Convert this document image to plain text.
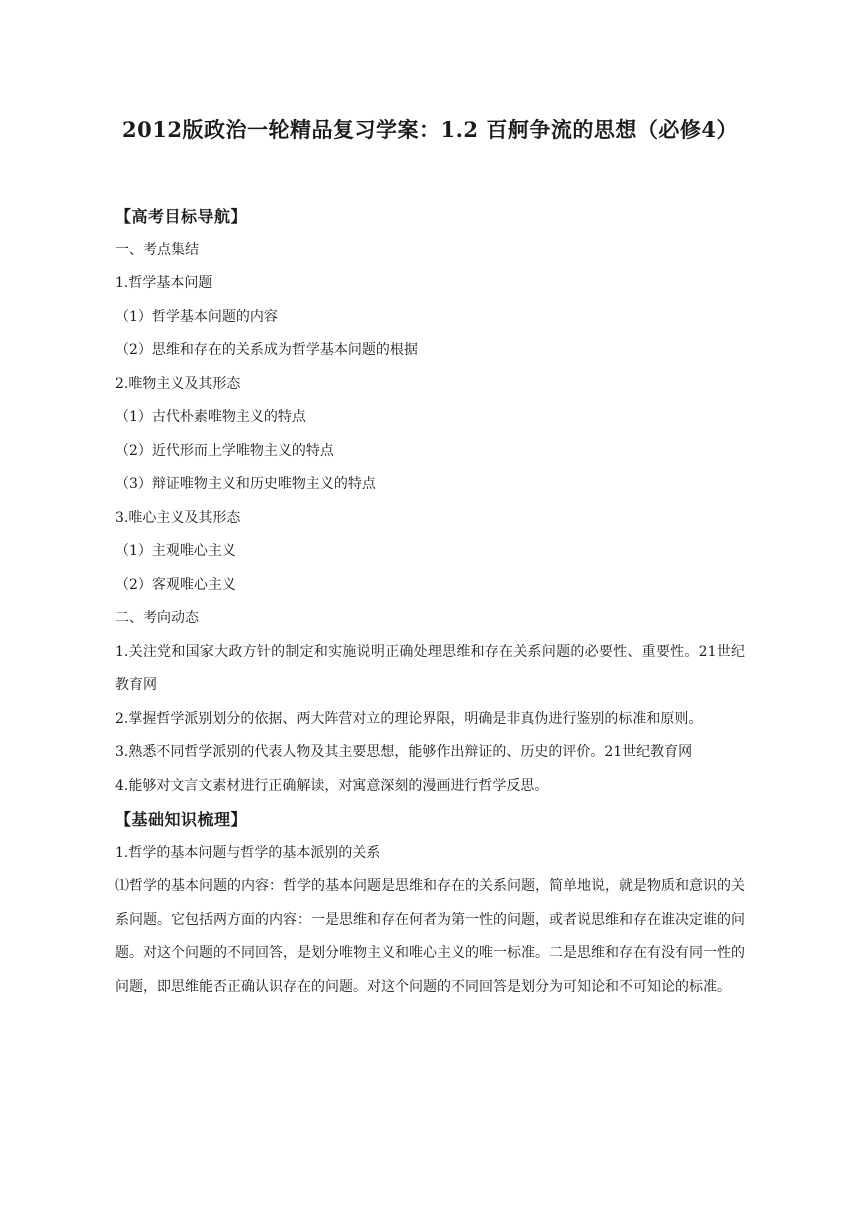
2012版政治一轮精品复习学案：1.2 百舸争流的思想（必修4）
【高考目标导航】
一、考点集结
1.哲学基本问题
（1）哲学基本问题的内容
（2）思维和存在的关系成为哲学基本问题的根据
2.唯物主义及其形态
（1）古代朴素唯物主义的特点
（2）近代形而上学唯物主义的特点
（3）辩证唯物主义和历史唯物主义的特点
3.唯心主义及其形态
（1）主观唯心主义
（2）客观唯心主义
二、考向动态
1.关注党和国家大政方针的制定和实施说明正确处理思维和存在关系问题的必要性、重要性。21世纪教育网
2.掌握哲学派别划分的依据、两大阵营对立的理论界限，明确是非真伪进行鉴别的标准和原则。
3.熟悉不同哲学派别的代表人物及其主要思想，能够作出辩证的、历史的评价。21世纪教育网
4.能够对文言文素材进行正确解读，对寓意深刻的漫画进行哲学反思。
【基础知识梳理】
1.哲学的基本问题与哲学的基本派别的关系
⑴哲学的基本问题的内容：哲学的基本问题是思维和存在的关系问题，简单地说，就是物质和意识的关系问题。它包括两方面的内容：一是思维和存在何者为第一性的问题，或者说思维和存在谁决定谁的问题。对这个问题的不同回答，是划分唯物主义和唯心主义的唯一标准。二是思维和存在有没有同一性的问题，即思维能否正确认识存在的问题。对这个问题的不同回答是划分为可知论和不可知论的标准。
